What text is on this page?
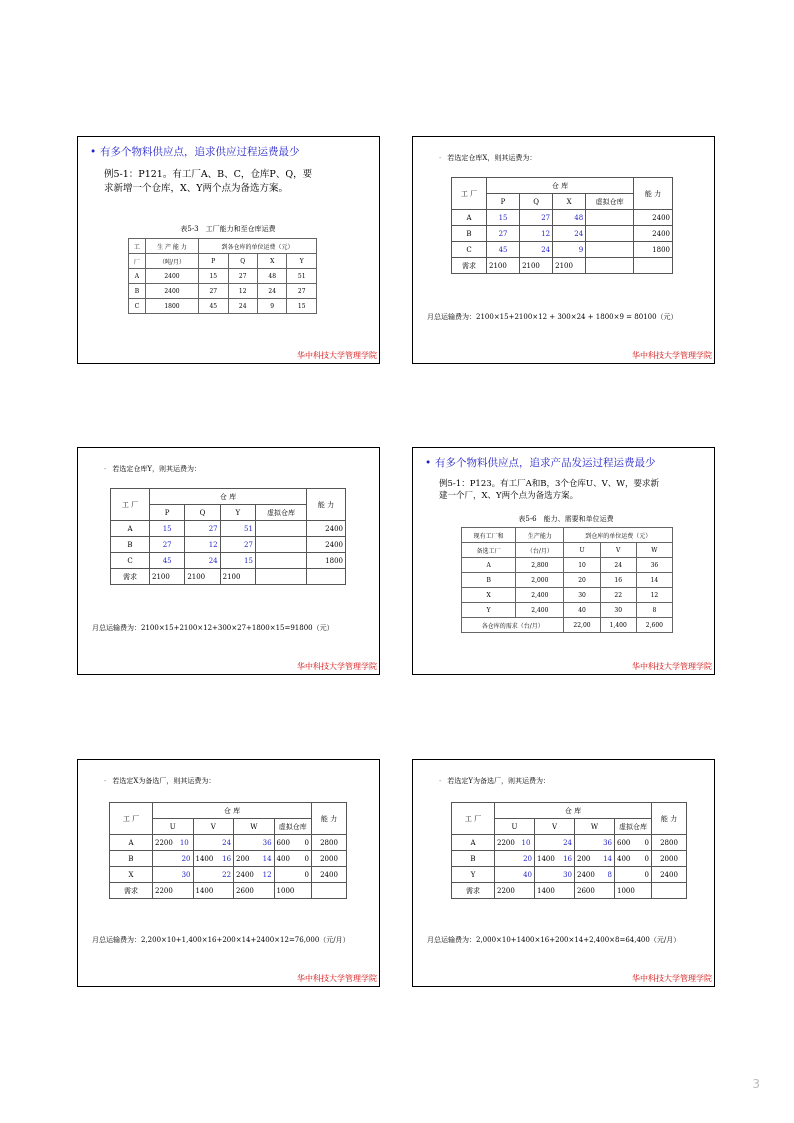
• 有多个物料供应点，追求供应过程运费最少
例5-1：P121。有工厂A、B、C，仓库P、Q，要
求新增一个仓库，X、Y两个点为备选方案。
表5-3　工厂能力和至仓库运费
工	生 产 能 力	到各仓库的单位运费（元）			
厂	（吨/月）	P	Q	X	Y
A	2400	15	27	48	51
B	2400	27	12	24	27
C	1800	45	24	9	15
华中科技大学管理学院
- 若选定仓库X，则其运费为：
工 厂	仓 库				能 力
	P	Q	X	虚拟仓库	
A	15	27	48		2400
B	27	12	24		2400
C	45	24	9		1800
需求	2100	2100	2100		
月总运输费为：2100×15+2100×12 + 300×24 + 1800×9 = 80100（元）
华中科技大学管理学院
- 若选定仓库Y，则其运费为：
工 厂	仓 库				能 力
	P	Q	Y	虚拟仓库	
A	15	27	51		2400
B	27	12	27		2400
C	45	24	15		1800
需求	2100	2100	2100		
月总运输费为：2100×15+2100×12+300×27+1800×15=91800（元）
华中科技大学管理学院
• 有多个物料供应点，追求产品发运过程运费最少
例5-1：P123。有工厂A和B，3个仓库U、V、W，要求新
建一个厂，X、Y两个点为备选方案。
表5-6　能力、需要和单位运费
现有工厂和	生产能力	到仓库的单位运费（元）		
备选工厂	（台/月）	U	V	W
A	2,800	10	24	36
B	2,000	20	16	14
X	2,400	30	22	12
Y	2,400	40	30	8
各仓库的需求（台/月）		22,00	1,400	2,600
华中科技大学管理学院
- 若选定X为备选厂，则其运费为：
工 厂	仓 库								能 力
	U		V		W		虚拟仓库		
A	2200	10		24		36	600	0	2800
B		20	1400	16	200	14	400	0	2000
X		30		22	2400	12		0	2400
需求	2200		1400		2600		1000		
月总运输费为：2,200×10+1,400×16+200×14+2400×12=76,000（元/月）
华中科技大学管理学院
- 若选定Y为备选厂，则其运费为：
工 厂	仓 库								能 力
	U		V		W		虚拟仓库		
A	2200	10		24		36	600	0	2800
B		20	1400	16	200	14	400	0	2000
Y		40		30	2400	8		0	2400
需求	2200		1400		2600		1000		
月总运输费为：2,000×10+1400×16+200×14+2,400×8=64,400（元/月）
华中科技大学管理学院
3
